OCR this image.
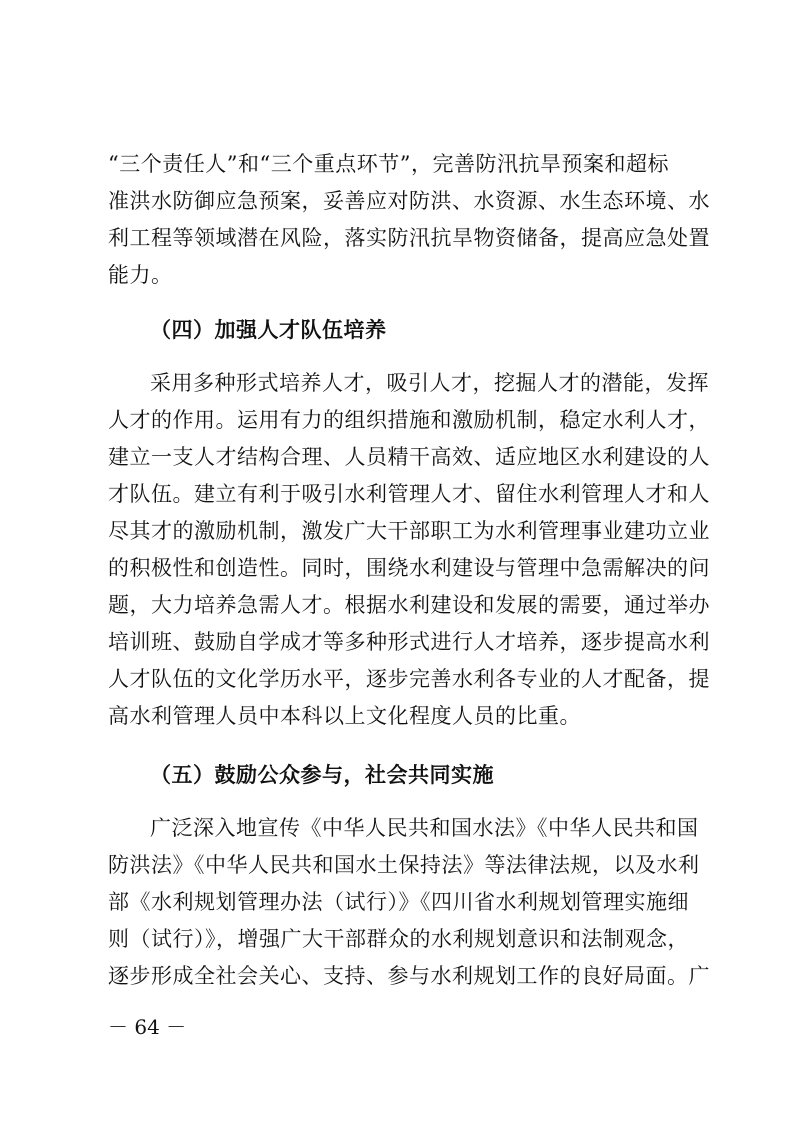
“三个责任人”和“三个重点环节”，完善防汛抗旱预案和超标
准洪水防御应急预案，妥善应对防洪、水资源、水生态环境、水
利工程等领域潜在风险，落实防汛抗旱物资储备，提高应急处置
能力。
（四）加强人才队伍培养
采用多种形式培养人才，吸引人才，挖掘人才的潜能，发挥
人才的作用。运用有力的组织措施和激励机制，稳定水利人才，
建立一支人才结构合理、人员精干高效、适应地区水利建设的人
才队伍。建立有利于吸引水利管理人才、留住水利管理人才和人
尽其才的激励机制，激发广大干部职工为水利管理事业建功立业
的积极性和创造性。同时，围绕水利建设与管理中急需解决的问
题，大力培养急需人才。根据水利建设和发展的需要，通过举办
培训班、鼓励自学成才等多种形式进行人才培养，逐步提高水利
人才队伍的文化学历水平，逐步完善水利各专业的人才配备，提
高水利管理人员中本科以上文化程度人员的比重。
（五）鼓励公众参与，社会共同实施
广泛深入地宣传《中华人民共和国水法》《中华人民共和国
防洪法》《中华人民共和国水土保持法》等法律法规，以及水利
部《水利规划管理办法（试行）》《四川省水利规划管理实施细
则（试行）》，增强广大干部群众的水利规划意识和法制观念，
逐步形成全社会关心、支持、参与水利规划工作的良好局面。广
－ 64 －
